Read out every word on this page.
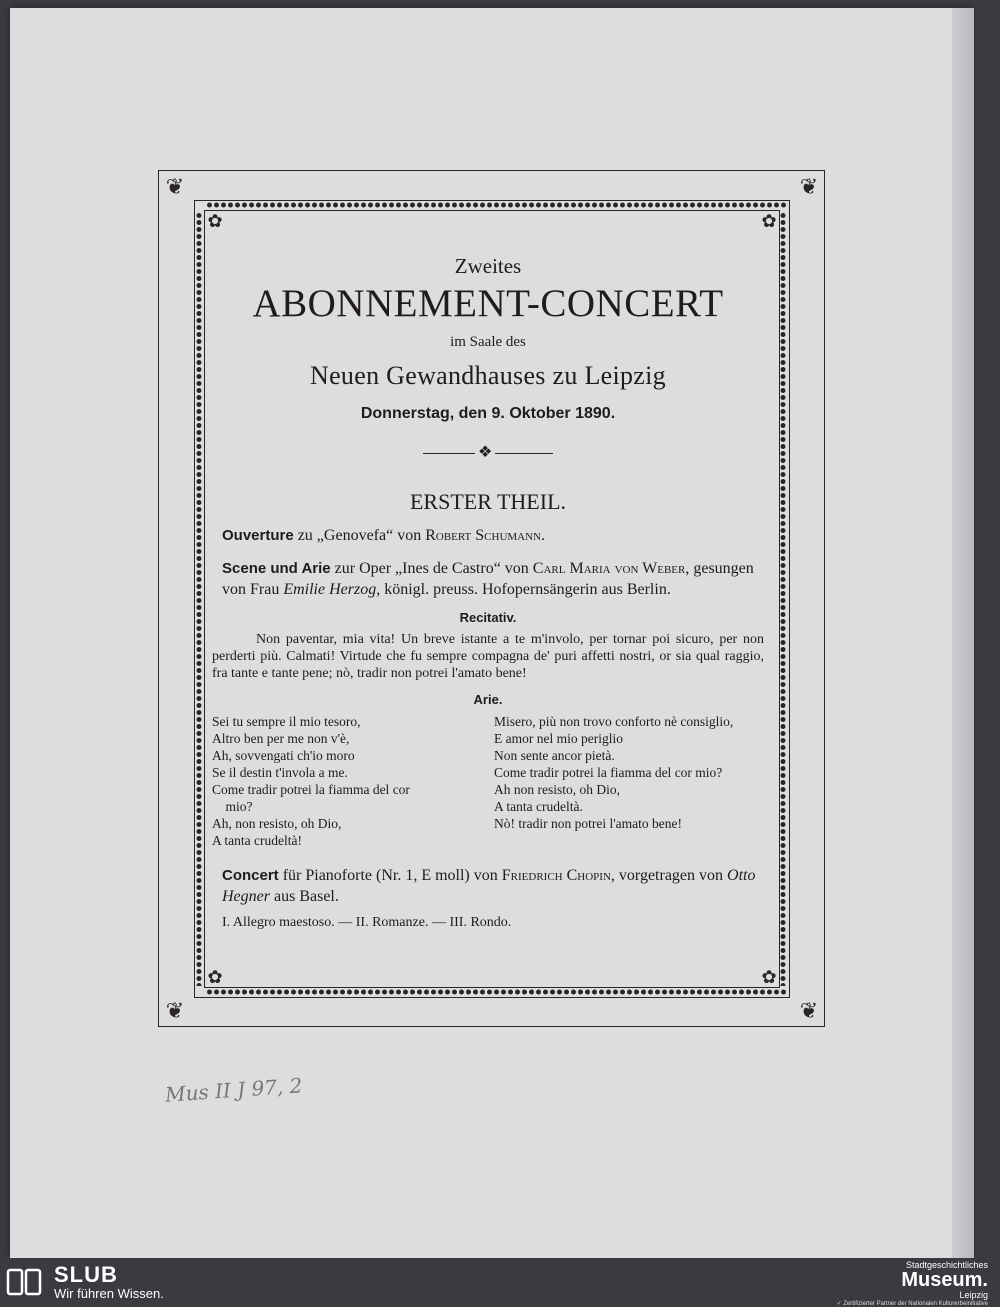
❦	❦
❦	❦
✿	✿
✿	✿
Zweites
ABONNEMENT-CONCERT
im Saale des
Neuen Gewandhauses zu Leipzig
Donnerstag, den 9. Oktober 1890.
❖
ERSTER THEIL.
Ouverture zu „Genovefa“ von Robert Schumann.
Scene und Arie zur Oper „Ines de Castro“ von Carl Maria von Weber, gesungen von Frau Emilie Herzog, königl. preuss. Hofopernsängerin aus Berlin.
Recitativ.
Non paventar, mia vita! Un breve istante a te m'involo, per tornar poi sicuro, per non perderti più. Calmati! Virtude che fu sempre compagna de' puri affetti nostri, or sia qual raggio, fra tante e tante pene; nò, tradir non potrei l'amato bene!
Arie.
Sei tu sempre il mio tesoro,
Altro ben per me non v'è,
Ah, sovvengati ch'io moro
Se il destin t'invola a me.
Come tradir potrei la fiamma del cor
mio?
Ah, non resisto, oh Dio,
A tanta crudeltà!
Misero, più non trovo conforto nè consiglio,
E amor nel mio periglio
Non sente ancor pietà.
Come tradir potrei la fiamma del cor mio?
Ah non resisto, oh Dio,
A tanta crudeltà.
Nò! tradir non potrei l'amato bene!
Concert für Pianoforte (Nr. 1, E moll) von Friedrich Chopin, vorgetragen von Otto Hegner aus Basel.
I. Allegro maestoso. — II. Romanze. — III. Rondo.
Mus II J 97, 2
SLUB
Wir führen Wissen.
Stadtgeschichtliches
Museum.
Leipzig
✓ Zertifizierter Partner der Nationalen Kulturerbeinitiative
